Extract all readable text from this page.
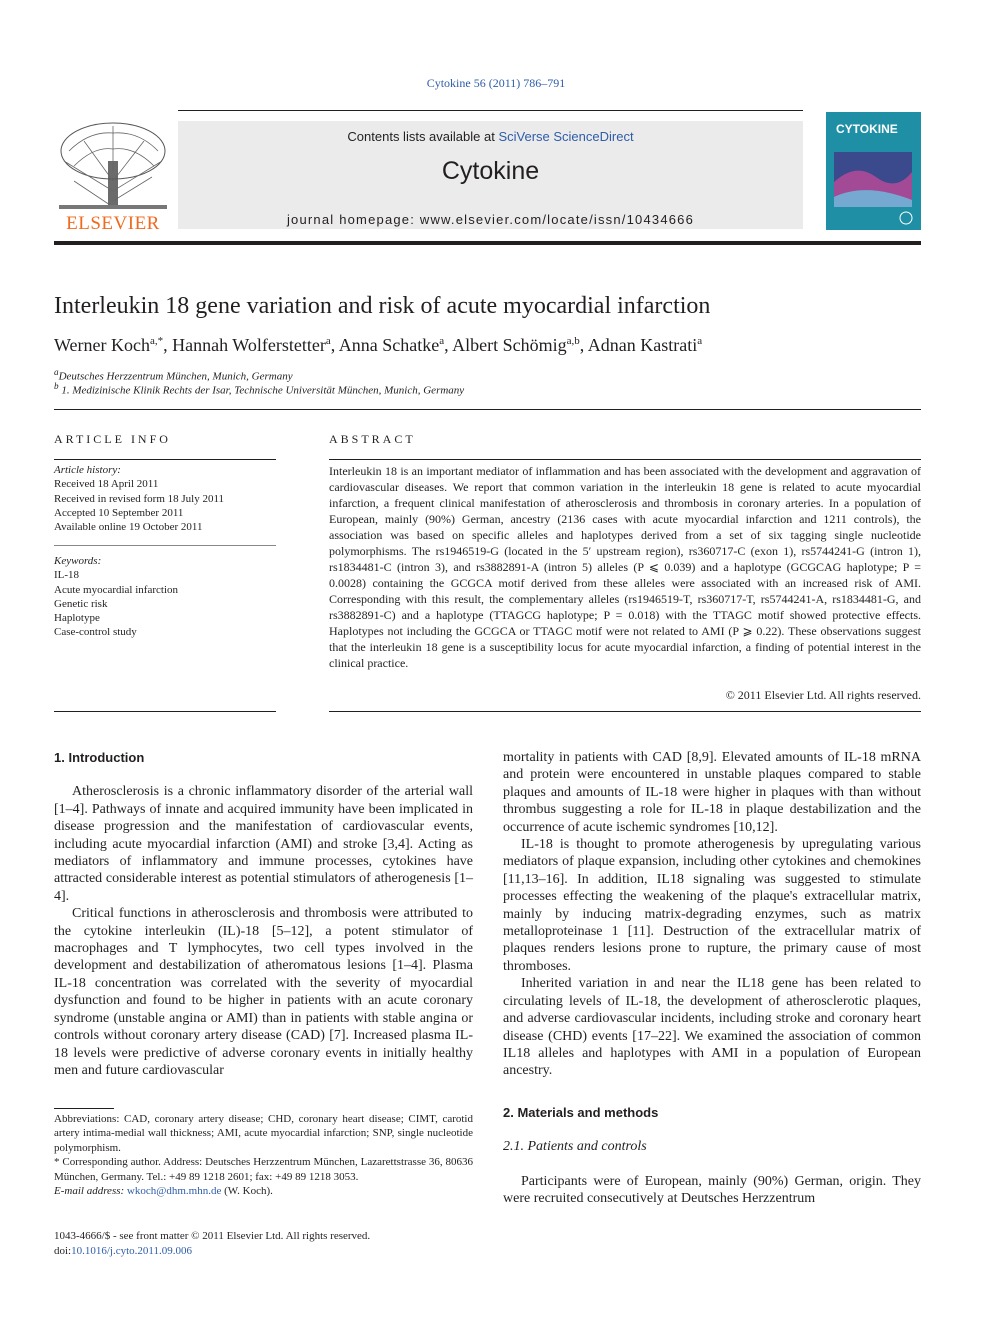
Cytokine 56 (2011) 786–791
ELSEVIER
Contents lists available at SciVerse ScienceDirect
Cytokine
journal homepage: www.elsevier.com/locate/issn/10434666
CYTOKINE
Interleukin 18 gene variation and risk of acute myocardial infarction
Werner Koch$^{a,*}$, Hannah Wolferstetter$^a$, Anna Schatke$^a$, Albert Schömig$^{a,b}$, Adnan Kastrati$^a$
$^a$Deutsches Herzzentrum München, Munich, Germany
$^b$ 1. Medizinische Klinik Rechts der Isar, Technische Universität München, Munich, Germany
ARTICLE INFO
Article history:
Received 18 April 2011
Received in revised form 18 July 2011
Accepted 10 September 2011
Available online 19 October 2011
Keywords:
IL-18
Acute myocardial infarction
Genetic risk
Haplotype
Case-control study
ABSTRACT
Interleukin 18 is an important mediator of inflammation and has been associated with the development and aggravation of cardiovascular diseases. We report that common variation in the interleukin 18 gene is related to acute myocardial infarction, a frequent clinical manifestation of atherosclerosis and thrombosis in coronary arteries. In a population of European, mainly (90%) German, ancestry (2136 cases with acute myocardial infarction and 1211 controls), the association was based on specific alleles and haplotypes derived from a set of six tagging single nucleotide polymorphisms. The rs1946519-G (located in the 5′ upstream region), rs360717-C (exon 1), rs5744241-G (intron 1), rs1834481-C (intron 3), and rs3882891-A (intron 5) alleles (P ⩽ 0.039) and a haplotype (GCGCAG haplotype; P = 0.0028) containing the GCGCA motif derived from these alleles were associated with an increased risk of AMI. Corresponding with this result, the complementary alleles (rs1946519-T, rs360717-T, rs5744241-A, rs1834481-G, and rs3882891-C) and a haplotype (TTAGCG haplotype; P = 0.018) with the TTAGC motif showed protective effects. Haplotypes not including the GCGCA or TTAGC motif were not related to AMI (P ⩾ 0.22). These observations suggest that the interleukin 18 gene is a susceptibility locus for acute myocardial infarction, a finding of potential interest in the clinical practice.
© 2011 Elsevier Ltd. All rights reserved.
1. Introduction

Atherosclerosis is a chronic inflammatory disorder of the arterial wall [1–4]. Pathways of innate and acquired immunity have been implicated in disease progression and the manifestation of cardiovascular events, including acute myocardial infarction (AMI) and stroke [3,4]. Acting as mediators of inflammatory and immune processes, cytokines have attracted considerable interest as potential stimulators of atherogenesis [1–4].

Critical functions in atherosclerosis and thrombosis were attributed to the cytokine interleukin (IL)-18 [5–12], a potent stimulator of macrophages and T lymphocytes, two cell types involved in the development and destabilization of atheromatous lesions [1–4]. Plasma IL-18 concentration was correlated with the severity of myocardial dysfunction and found to be higher in patients with an acute coronary syndrome (unstable angina or AMI) than in patients with stable angina or controls without coronary artery disease (CAD) [7]. Increased plasma IL-18 levels were predictive of adverse coronary events in initially healthy men and future cardiovascular

Abbreviations: CAD, coronary artery disease; CHD, coronary heart disease; CIMT, carotid artery intima-medial wall thickness; AMI, acute myocardial infarction; SNP, single nucleotide polymorphism.
* Corresponding author. Address: Deutsches Herzzentrum München, Lazarettstrasse 36, 80636 München, Germany. Tel.: +49 89 1218 2601; fax: +49 89 1218 3053.
E-mail address: wkoch@dhm.mhn.de (W. Koch).
1043-4666/$ - see front matter © 2011 Elsevier Ltd. All rights reserved.
doi:10.1016/j.cyto.2011.09.006

mortality in patients with CAD [8,9]. Elevated amounts of IL-18 mRNA and protein were encountered in unstable plaques compared to stable plaques and amounts of IL-18 were higher in plaques with than without thrombus suggesting a role for IL-18 in plaque destabilization and the occurrence of acute ischemic syndromes [10,12].

IL-18 is thought to promote atherogenesis by upregulating various mediators of plaque expansion, including other cytokines and chemokines [11,13–16]. In addition, IL18 signaling was suggested to stimulate processes effecting the weakening of the plaque's extracellular matrix, mainly by inducing matrix-degrading enzymes, such as matrix metalloproteinase 1 [11]. Destruction of the extracellular matrix of plaques renders lesions prone to rupture, the primary cause of most thromboses.

Inherited variation in and near the IL18 gene has been related to circulating levels of IL-18, the development of atherosclerotic plaques, and adverse cardiovascular incidents, including stroke and coronary heart disease (CHD) events [17–22]. We examined the association of common IL18 alleles and haplotypes with AMI in a population of European ancestry.

2. Materials and methods
2.1. Patients and controls

Participants were of European, mainly (90%) German, origin. They were recruited consecutively at Deutsches Herzzentrum
